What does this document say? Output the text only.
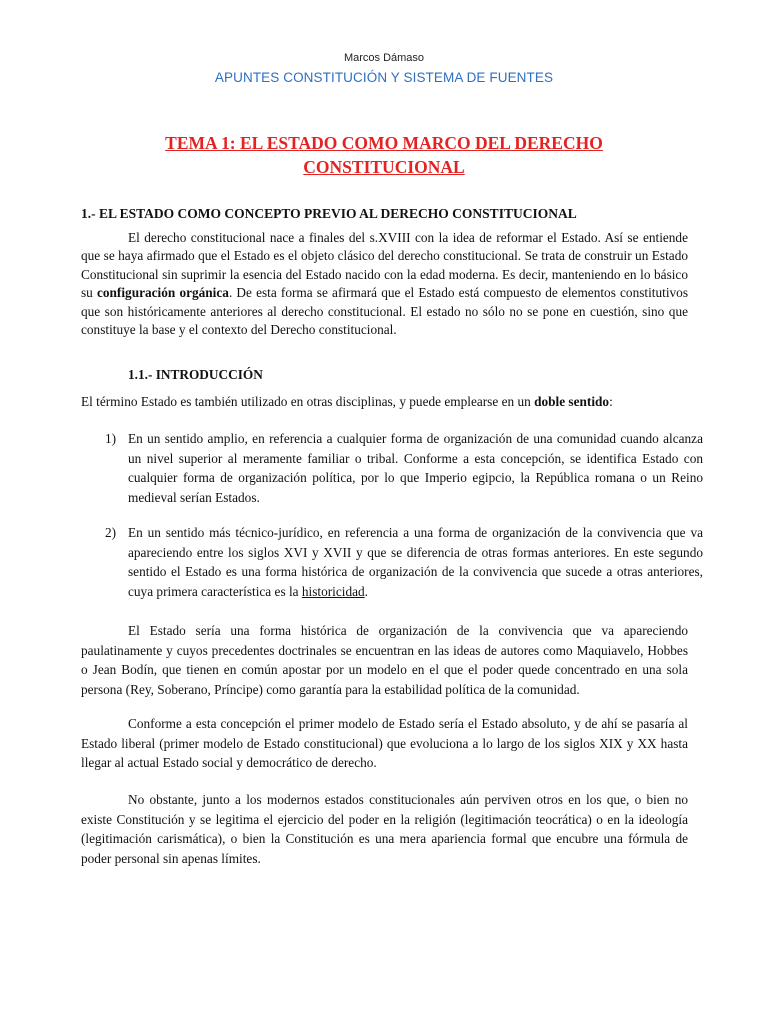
Marcos Dámaso
APUNTES CONSTITUCIÓN Y SISTEMA DE FUENTES
TEMA 1: EL ESTADO COMO MARCO DEL DERECHO
CONSTITUCIONAL
1.- EL ESTADO COMO CONCEPTO PREVIO AL DERECHO CONSTITUCIONAL

El derecho constitucional nace a finales del s.XVIII con la idea de reformar el Estado. Así se entiende que se haya afirmado que el Estado es el objeto clásico del derecho constitucional. Se trata de construir un Estado Constitucional sin suprimir la esencia del Estado nacido con la edad moderna. Es decir, manteniendo en lo básico su configuración orgánica. De esta forma se afirmará que el Estado está compuesto de elementos constitutivos que son históricamente anteriores al derecho constitucional. El estado no sólo no se pone en cuestión, sino que constituye la base y el contexto del Derecho constitucional.

1.1.- INTRODUCCIÓN

El término Estado es también utilizado en otras disciplinas, y puede emplearse en un doble sentido:

1) En un sentido amplio, en referencia a cualquier forma de organización de una comunidad cuando alcanza un nivel superior al meramente familiar o tribal. Conforme a esta concepción, se identifica Estado con cualquier forma de organización política, por lo que Imperio egipcio, la República romana o un Reino medieval serían Estados.
2) En un sentido más técnico-jurídico, en referencia a una forma de organización de la convivencia que va apareciendo entre los siglos XVI y XVII y que se diferencia de otras formas anteriores. En este segundo sentido el Estado es una forma histórica de organización de la convivencia que sucede a otras anteriores, cuya primera característica es la historicidad.

El Estado sería una forma histórica de organización de la convivencia que va apareciendo paulatinamente y cuyos precedentes doctrinales se encuentran en las ideas de autores como Maquiavelo, Hobbes o Jean Bodín, que tienen en común apostar por un modelo en el que el poder quede concentrado en una sola persona (Rey, Soberano, Príncipe) como garantía para la estabilidad política de la comunidad.

Conforme a esta concepción el primer modelo de Estado sería el Estado absoluto, y de ahí se pasaría al Estado liberal (primer modelo de Estado constitucional) que evoluciona a lo largo de los siglos XIX y XX hasta llegar al actual Estado social y democrático de derecho.

No obstante, junto a los modernos estados constitucionales aún perviven otros en los que, o bien no existe Constitución y se legitima el ejercicio del poder en la religión (legitimación teocrática) o en la ideología (legitimación carismática), o bien la Constitución es una mera apariencia formal que encubre una fórmula de poder personal sin apenas límites.
